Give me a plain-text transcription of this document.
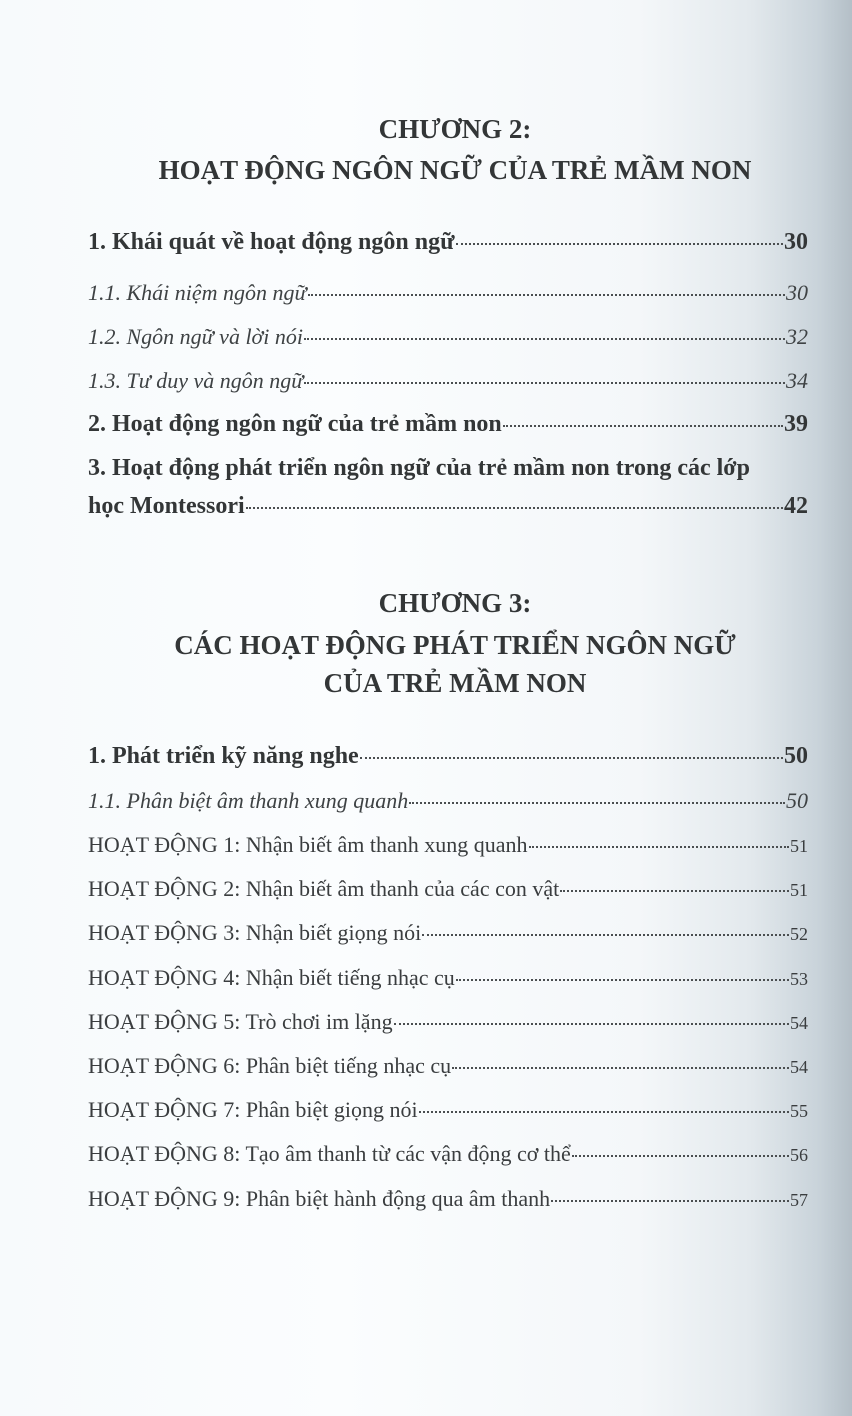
CHƯƠNG 2:
HOẠT ĐỘNG NGÔN NGỮ CỦA TRẺ MẦM NON
1. Khái quát về hoạt động ngôn ngữ	30
1.1. Khái niệm ngôn ngữ	30
1.2. Ngôn ngữ và lời nói	32
1.3. Tư duy và ngôn ngữ	34
2. Hoạt động ngôn ngữ của trẻ mầm non	39
3. Hoạt động phát triển ngôn ngữ của trẻ mầm non trong các lớp
học Montessori	42
CHƯƠNG 3:
CÁC HOẠT ĐỘNG PHÁT TRIỂN NGÔN NGỮ
CỦA TRẺ MẦM NON
1. Phát triển kỹ năng nghe	50
1.1. Phân biệt âm thanh xung quanh	50
HOẠT ĐỘNG 1: Nhận biết âm thanh xung quanh	51
HOẠT ĐỘNG 2: Nhận biết âm thanh của các con vật	51
HOẠT ĐỘNG 3: Nhận biết giọng nói	52
HOẠT ĐỘNG 4: Nhận biết tiếng nhạc cụ	53
HOẠT ĐỘNG 5: Trò chơi im lặng	54
HOẠT ĐỘNG 6: Phân biệt tiếng nhạc cụ	54
HOẠT ĐỘNG 7: Phân biệt giọng nói	55
HOẠT ĐỘNG 8: Tạo âm thanh từ các vận động cơ thể	56
HOẠT ĐỘNG 9: Phân biệt hành động qua âm thanh	57
